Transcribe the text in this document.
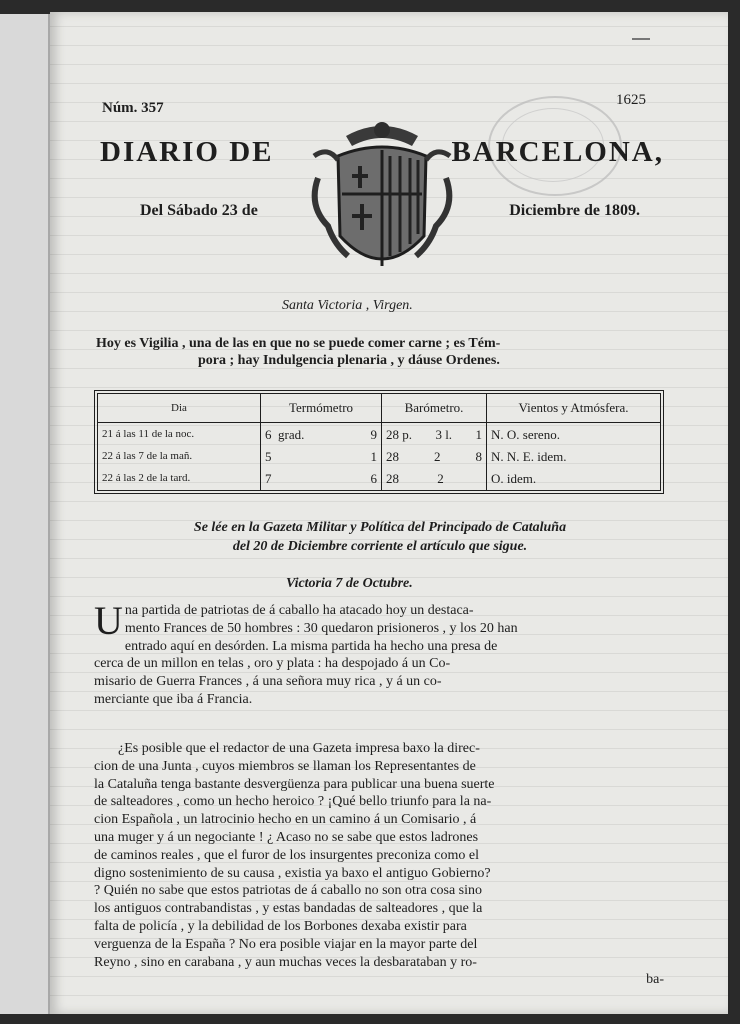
Núm. 357	1625
DIARIO DE	BARCELONA,
Del Sábado 23 de	Diciembre de 1809.
Santa Victoria , Virgen.
Hoy es Vigilia , una de las en que no se puede comer carne ; es Tém-
pora ; hay Indulgencia plenaria , y dáuse Ordenes.
Dia	Termómetro	Barómetro.	Vientos y Atmósfera.
21 á las 11 de la noc.	6 grad. 9	28 p. 3 l. 1	N. O. sereno.
22 á las 7 de la mañ.	5 1	28 2 8	N. N. E. idem.
22 á las 2 de la tard.	7 6	28 2	O. idem.
Se lée en la Gazeta Militar y Política del Principado de Cataluña
del 20 de Diciembre corriente el artículo que sigue.
Victoria 7 de Octubre.
U na partida de patriotas de á caballo ha atacado hoy un destaca-
mento Frances de 50 hombres : 30 quedaron prisioneros , y los 20 han
entrado aquí en desórden. La misma partida ha hecho una presa de
cerca de un millon en telas , oro y plata : ha despojado á un Co-
misario de Guerra Frances , á una señora muy rica , y á un co-
merciante que iba á Francia.
¿Es posible que el redactor de una Gazeta impresa baxo la direc-
cion de una Junta , cuyos miembros se llaman los Representantes de
la Cataluña tenga bastante desvergüenza para publicar una buena suerte
de salteadores , como un hecho heroico ? ¡Qué bello triunfo para la na-
cion Española , un latrocinio hecho en un camino á un Comisario , á
una muger y á un negociante ! ¿ Acaso no se sabe que estos ladrones
de caminos reales , que el furor de los insurgentes preconiza como el
digno sostenimiento de su causa , existia ya baxo el antiguo Gobierno?
? Quién no sabe que estos patriotas de á caballo no son otra cosa sino
los antiguos contrabandistas , y estas bandadas de salteadores , que la
falta de policía , y la debilidad de los Borbones dexaba existir para
verguenza de la España ? No era posible viajar en la mayor parte del
Reyno , sino en carabana , y aun muchas veces la desbarataban y ro-
ba-
